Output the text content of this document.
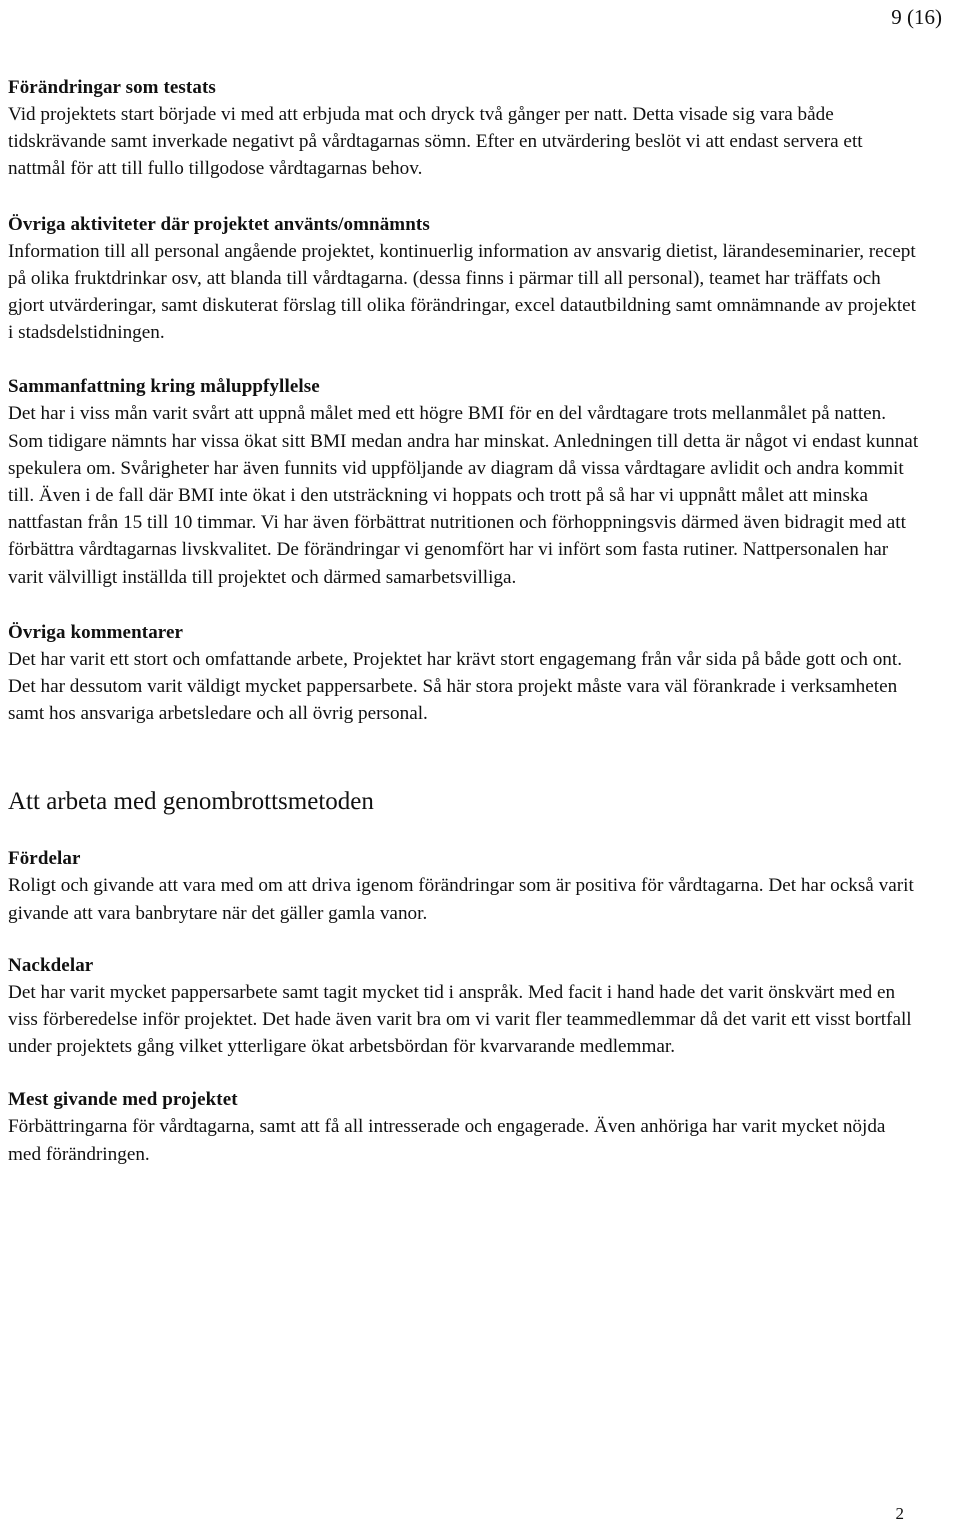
9 (16)
Förändringar som testats

Vid projektets start började vi med att erbjuda mat och dryck två gånger per natt. Detta visade sig vara både tidskrävande samt inverkade negativt på vårdtagarnas sömn. Efter en utvärdering beslöt vi att endast servera ett nattmål för att till fullo tillgodose vårdtagarnas behov.

Övriga aktiviteter där projektet använts/omnämnts

Information till all personal angående projektet, kontinuerlig information av ansvarig dietist, lärandeseminarier, recept på olika fruktdrinkar osv, att blanda till vårdtagarna. (dessa finns i pärmar till all personal), teamet har träffats och gjort utvärderingar, samt diskuterat förslag till olika förändringar, excel datautbildning samt omnämnande av projektet i stadsdelstidningen.

Sammanfattning kring måluppfyllelse

Det har i viss mån varit svårt att uppnå målet med ett högre BMI för en del vårdtagare trots mellanmålet på natten. Som tidigare nämnts har vissa ökat sitt BMI medan andra har minskat. Anledningen till detta är något vi endast kunnat spekulera om. Svårigheter har även funnits vid uppföljande av diagram då vissa vårdtagare avlidit och andra kommit till. Även i de fall där BMI inte ökat i den utsträckning vi hoppats och trott på så har vi uppnått målet att minska nattfastan från 15 till 10 timmar. Vi har även förbättrat nutritionen och förhoppningsvis därmed även bidragit med att förbättra vårdtagarnas livskvalitet. De förändringar vi genomfört har vi infört som fasta rutiner. Nattpersonalen har varit välvilligt inställda till projektet och därmed samarbetsvilliga.

Övriga kommentarer

Det har varit ett stort och omfattande arbete, Projektet har krävt stort engagemang från vår sida på både gott och ont. Det har dessutom varit väldigt mycket pappersarbete. Så här stora projekt måste vara väl förankrade i verksamheten samt hos ansvariga arbetsledare och all övrig personal.

Att arbeta med genombrottsmetoden
Fördelar

Roligt och givande att vara med om att driva igenom förändringar som är positiva för vårdtagarna. Det har också varit givande att vara banbrytare när det gäller gamla vanor.

Nackdelar

Det har varit mycket pappersarbete samt tagit mycket tid i anspråk. Med facit i hand hade det varit önskvärt med en viss förberedelse inför projektet. Det hade även varit bra om vi varit fler teammedlemmar då det varit ett visst bortfall under projektets gång vilket ytterligare ökat arbetsbördan för kvarvarande medlemmar.

Mest givande med projektet

Förbättringarna för vårdtagarna, samt att få all intresserade och engagerade. Även anhöriga har varit mycket nöjda med förändringen.

2
